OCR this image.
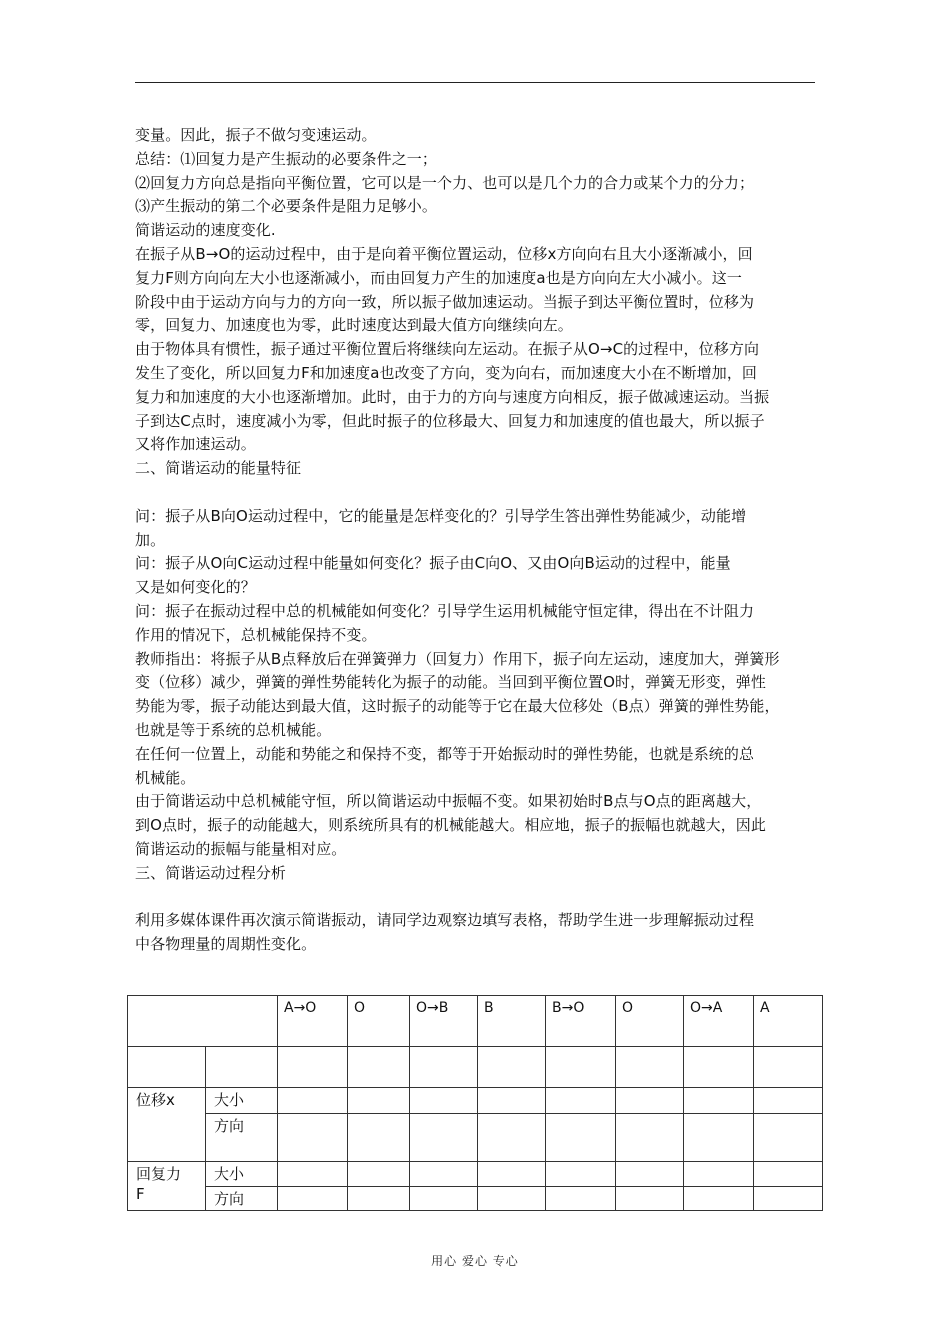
变量。因此，振子不做匀变速运动。
总结：⑴回复力是产生振动的必要条件之一；
⑵回复力方向总是指向平衡位置，它可以是一个力、也可以是几个力的合力或某个力的分力；
⑶产生振动的第二个必要条件是阻力足够小。
简谐运动的速度变化.
在振子从B→O的运动过程中，由于是向着平衡位置运动，位移x方向向右且大小逐渐减小，回
复力F则方向向左大小也逐渐减小，而由回复力产生的加速度a也是方向向左大小减小。这一
阶段中由于运动方向与力的方向一致，所以振子做加速运动。当振子到达平衡位置时，位移为
零，回复力、加速度也为零，此时速度达到最大值方向继续向左。
由于物体具有惯性，振子通过平衡位置后将继续向左运动。在振子从O→C的过程中，位移方向
发生了变化，所以回复力F和加速度a也改变了方向，变为向右，而加速度大小在不断增加，回
复力和加速度的大小也逐渐增加。此时，由于力的方向与速度方向相反，振子做减速运动。当振
子到达C点时，速度减小为零，但此时振子的位移最大、回复力和加速度的值也最大，所以振子
又将作加速运动。
二、简谐运动的能量特征
问：振子从B向O运动过程中，它的能量是怎样变化的？引导学生答出弹性势能减少，动能增
加。
问：振子从O向C运动过程中能量如何变化？振子由C向O、又由O向B运动的过程中，能量
又是如何变化的？
问：振子在振动过程中总的机械能如何变化？引导学生运用机械能守恒定律，得出在不计阻力
作用的情况下，总机械能保持不变。
教师指出：将振子从B点释放后在弹簧弹力（回复力）作用下，振子向左运动，速度加大，弹簧形
变（位移）减少，弹簧的弹性势能转化为振子的动能。当回到平衡位置O时，弹簧无形变，弹性
势能为零，振子动能达到最大值，这时振子的动能等于它在最大位移处（B点）弹簧的弹性势能，
也就是等于系统的总机械能。
在任何一位置上，动能和势能之和保持不变，都等于开始振动时的弹性势能，也就是系统的总
机械能。
由于简谐运动中总机械能守恒，所以简谐运动中振幅不变。如果初始时B点与O点的距离越大，
到O点时，振子的动能越大，则系统所具有的机械能越大。相应地，振子的振幅也就越大，因此
简谐运动的振幅与能量相对应。
三、简谐运动过程分析
利用多媒体课件再次演示简谐振动，请同学边观察边填写表格，帮助学生进一步理解振动过程
中各物理量的周期性变化。
		A→O	O	O→B	B	B→O	O	O→A	A

位移x	大小								
	方向								

回复力
F	大小								
	方向								
用心 爱心 专心
